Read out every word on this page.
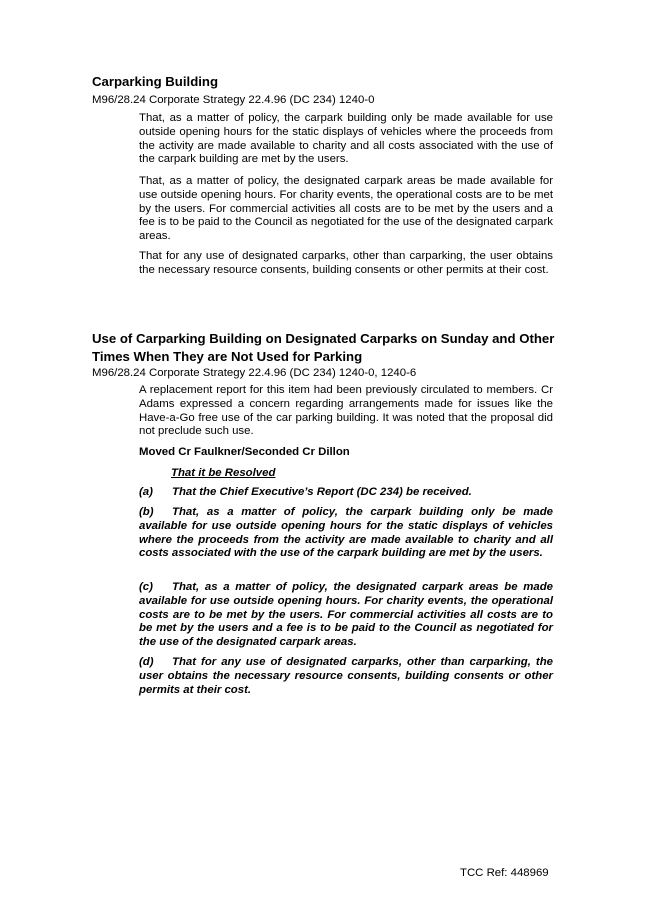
Carparking Building

M96/28.24 Corporate Strategy 22.4.96 (DC 234) 1240-0

That, as a matter of policy, the carpark building only be made available for use outside opening hours for the static displays of vehicles where the proceeds from the activity are made available to charity and all costs associated with the use of the carpark building are met by the users.

That, as a matter of policy, the designated carpark areas be made available for use outside opening hours. For charity events, the operational costs are to be met by the users. For commercial activities all costs are to be met by the users and a fee is to be paid to the Council as negotiated for the use of the designated carpark areas.

That for any use of designated carparks, other than carparking, the user obtains the necessary resource consents, building consents or other permits at their cost.

Use of Carparking Building on Designated Carparks on Sunday and Other
Times When They are Not Used for Parking

M96/28.24 Corporate Strategy 22.4.96 (DC 234) 1240-0, 1240-6

A replacement report for this item had been previously circulated to members. Cr Adams expressed a concern regarding arrangements made for issues like the Have-a-Go free use of the car parking building. It was noted that the proposal did not preclude such use.

Moved Cr Faulkner/Seconded Cr Dillon

That it be Resolved

(a) That the Chief Executive’s Report (DC 234) be received.

(b) That, as a matter of policy, the carpark building only be made available for use outside opening hours for the static displays of vehicles where the proceeds from the activity are made available to charity and all costs associated with the use of the carpark building are met by the users.

(c) That, as a matter of policy, the designated carpark areas be made available for use outside opening hours. For charity events, the operational costs are to be met by the users. For commercial activities all costs are to be met by the users and a fee is to be paid to the Council as negotiated for the use of the designated carpark areas.

(d) That for any use of designated carparks, other than carparking, the user obtains the necessary resource consents, building consents or other permits at their cost.

TCC Ref: 448969
